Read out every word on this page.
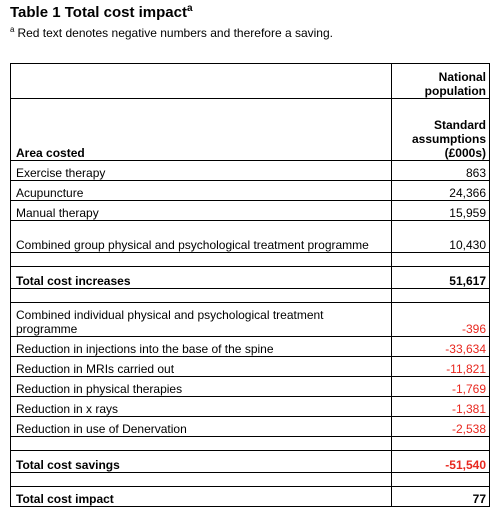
Table 1 Total cost impact$^a$
$^a$ Red text denotes negative numbers and therefore a saving.
	National population
Area costed	Standard assumptions (£000s)
Exercise therapy	863
Acupuncture	24,366
Manual therapy	15,959
Combined group physical and psychological treatment programme	10,430

Total cost increases	51,617

Combined individual physical and psychological treatment programme	-396
Reduction in injections into the base of the spine	-33,634
Reduction in MRIs carried out	-11,821
Reduction in physical therapies	-1,769
Reduction in x rays	-1,381
Reduction in use of Denervation	-2,538

Total cost savings	-51,540

Total cost impact	77
